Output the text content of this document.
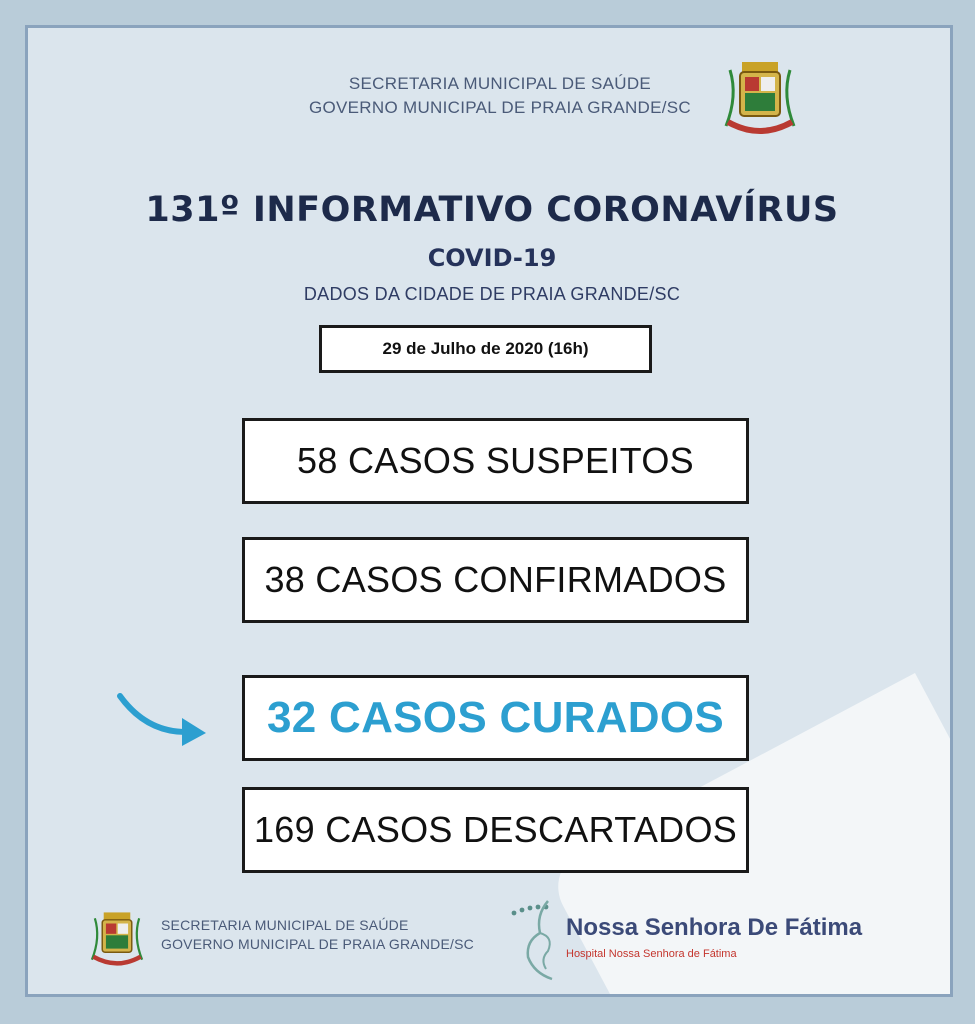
SECRETARIA MUNICIPAL DE SAÚDE
GOVERNO MUNICIPAL DE PRAIA GRANDE/SC
131º INFORMATIVO CORONAVÍRUS
COVID-19
DADOS DA CIDADE DE PRAIA GRANDE/SC
29 de Julho de 2020 (16h)
58 CASOS SUSPEITOS
38 CASOS CONFIRMADOS
32 CASOS CURADOS
169 CASOS DESCARTADOS
SECRETARIA MUNICIPAL DE SAÚDE
GOVERNO MUNICIPAL DE PRAIA GRANDE/SC
Nossa Senhora De Fátima
Hospital Nossa Senhora de Fátima
